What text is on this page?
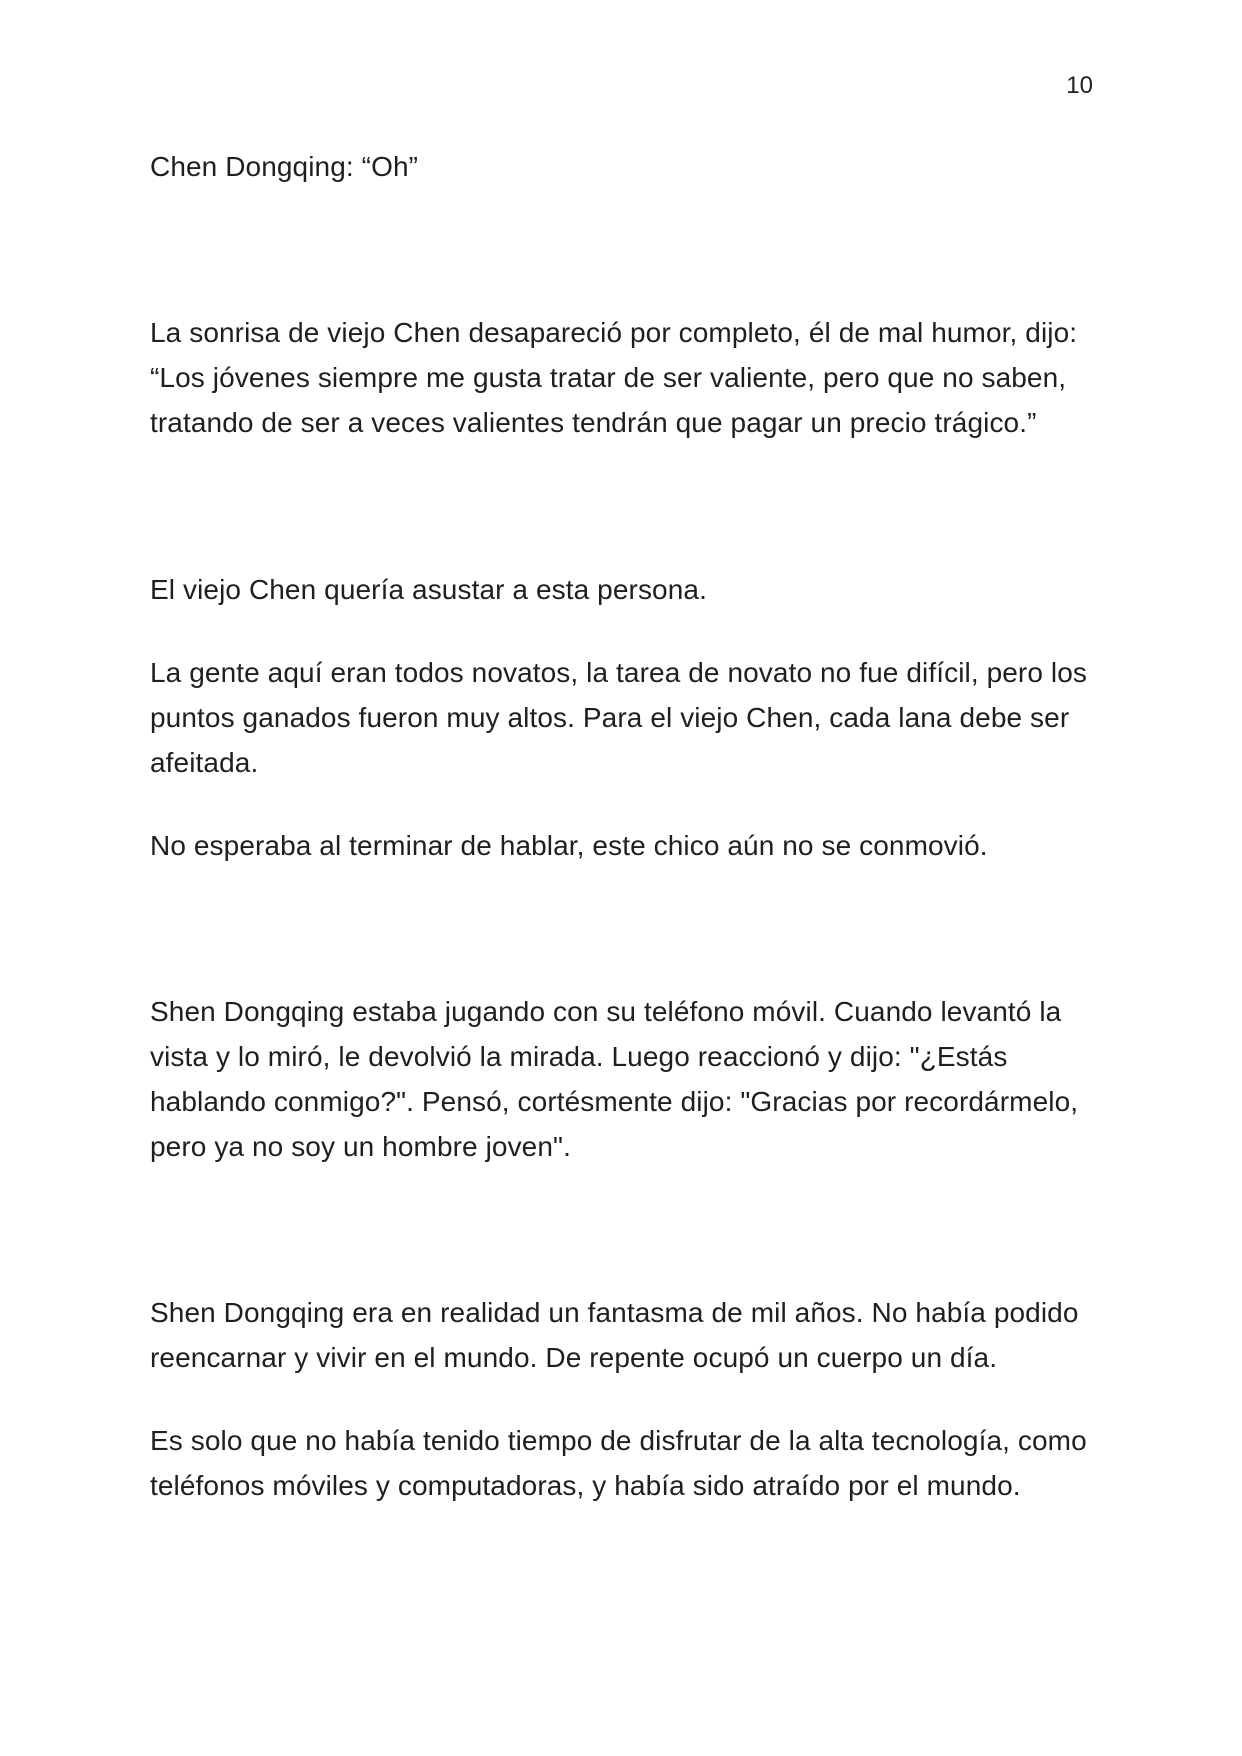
10

Chen Dongqing: “Oh”

La sonrisa de viejo Chen desapareció por completo, él de mal humor, dijo: “Los jóvenes siempre me gusta tratar de ser valiente, pero que no saben, tratando de ser a veces valientes tendrán que pagar un precio trágico.”

El viejo Chen quería asustar a esta persona.

La gente aquí eran todos novatos, la tarea de novato no fue difícil, pero los puntos ganados fueron muy altos. Para el viejo Chen, cada lana debe ser afeitada.

No esperaba al terminar de hablar, este chico aún no se conmovió.

Shen Dongqing estaba jugando con su teléfono móvil. Cuando levantó la vista y lo miró, le devolvió la mirada. Luego reaccionó y dijo: "¿Estás hablando conmigo?". Pensó, cortésmente dijo: "Gracias por recordármelo, pero ya no soy un hombre joven".

Shen Dongqing era en realidad un fantasma de mil años. No había podido reencarnar y vivir en el mundo. De repente ocupó un cuerpo un día.

Es solo que no había tenido tiempo de disfrutar de la alta tecnología, como teléfonos móviles y computadoras, y había sido atraído por el mundo.
